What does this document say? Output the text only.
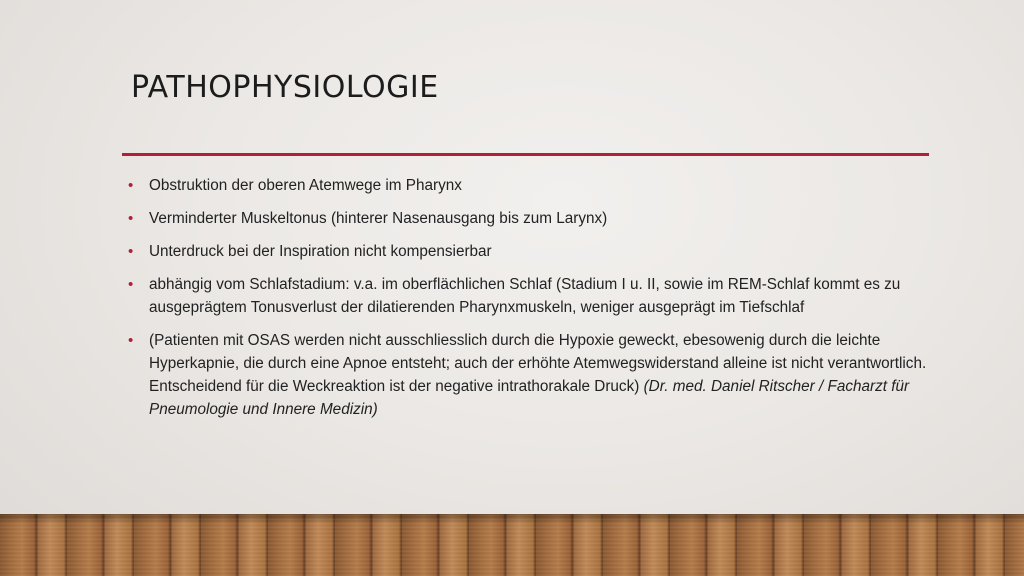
PATHOPHYSIOLOGIE
• Obstruktion der oberen Atemwege im Pharynx
• Verminderter Muskeltonus (hinterer Nasenausgang bis zum Larynx)
• Unterdruck bei der Inspiration nicht kompensierbar
• abhängig vom Schlafstadium: v.a. im oberflächlichen Schlaf (Stadium I u. II, sowie im REM-Schlaf kommt es zu ausgeprägtem Tonusverlust der dilatierenden Pharynxmuskeln, weniger ausgeprägt im Tiefschlaf
• (Patienten mit OSAS werden nicht ausschliesslich durch die Hypoxie geweckt, ebesowenig durch die leichte Hyperkapnie, die durch eine Apnoe entsteht; auch der erhöhte Atemwegswiderstand alleine ist nicht verantwortlich. Entscheidend für die Weckreaktion ist der negative intrathorakale Druck) (Dr. med. Daniel Ritscher / Facharzt für Pneumologie und Innere Medizin)
